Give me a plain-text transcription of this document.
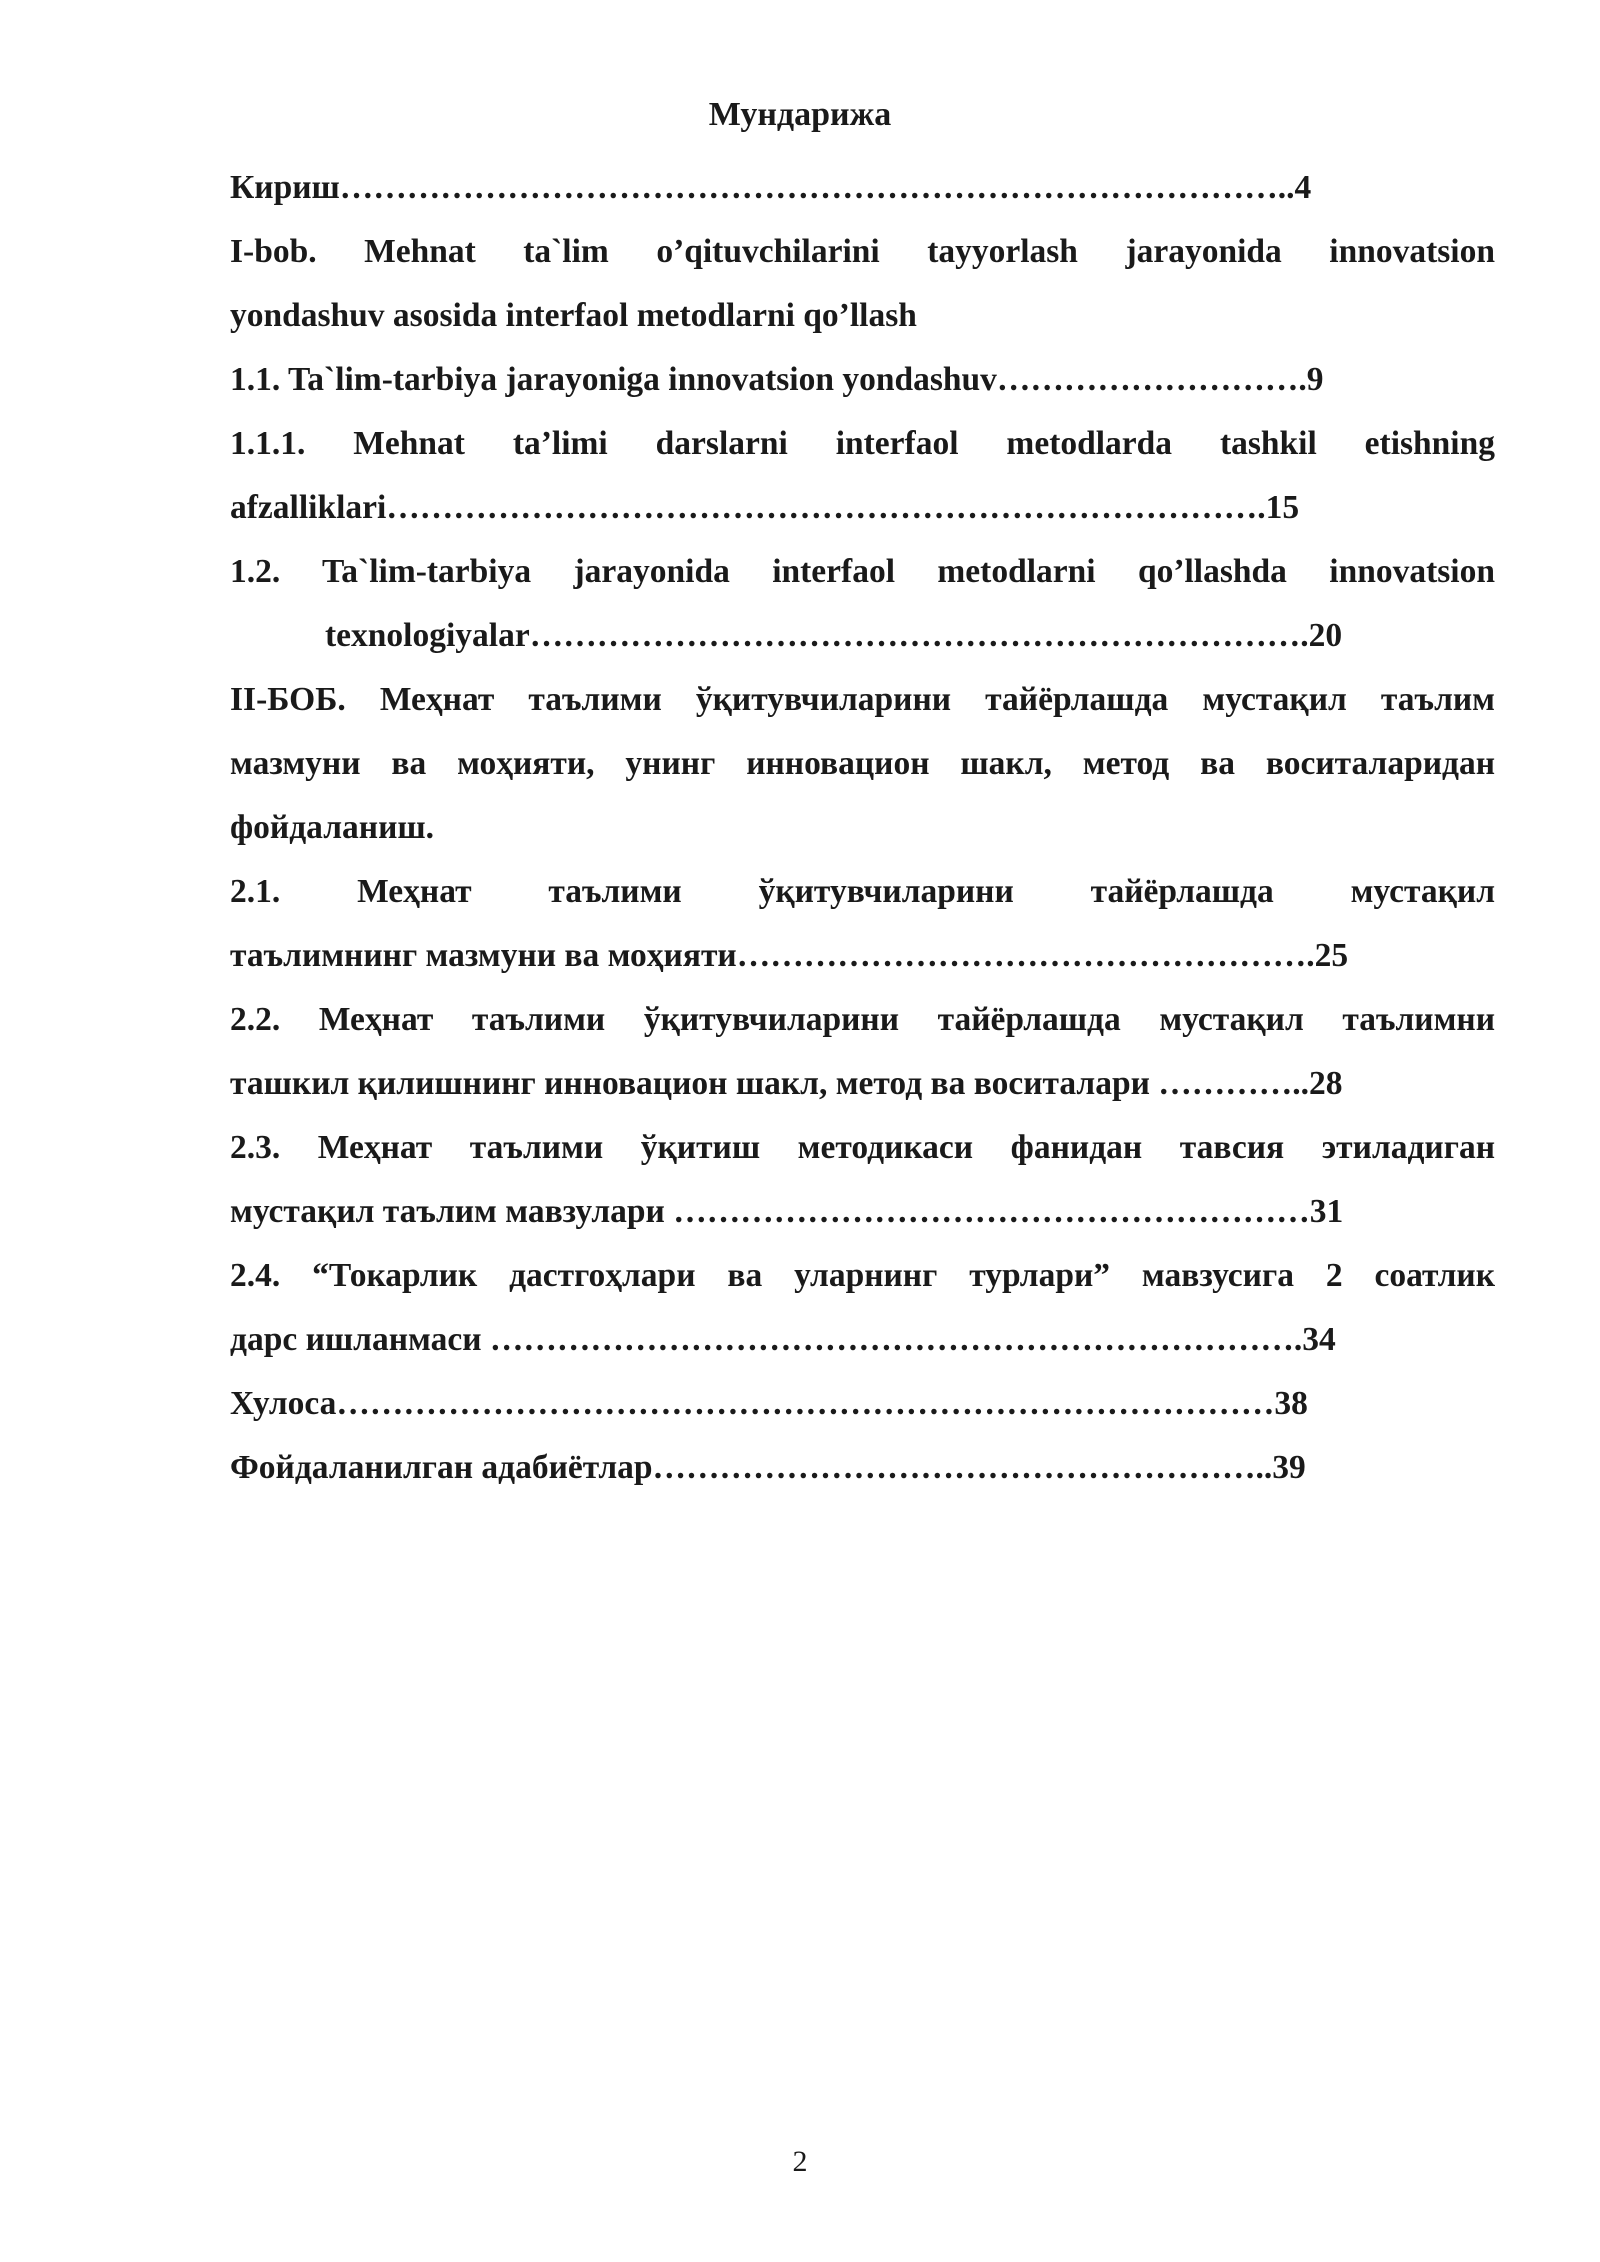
Мундарижа
Кириш…………………………………………………………………………..4
I-bob. Mehnat ta`lim o’qituvchilarini tayyorlash jarayonida innovatsion
yondashuv asosida interfaol metodlarni qo’llash
1.1. Ta`lim-tarbiya jarayoniga innovatsion yondashuv……………………….9
1.1.1. Mehnat ta’limi darslarni interfaol metodlarda tashkil etishning
afzalliklari…………………………………………………………………….15
1.2. Ta`lim-tarbiya jarayonida interfaol metodlarni qo’llashda innovatsion
texnologiyalar…………………………………………………………….20
II-БОБ. Меҳнат таълими ўқитувчиларини тайёрлашда мустақил таълим
мазмуни ва моҳияти, унинг инновацион шакл, метод ва воситаларидан
фойдаланиш.
2.1. Меҳнат таълими ўқитувчиларини тайёрлашда мустақил
таълимнинг мазмуни ва моҳияти…………………………………………….25
2.2. Меҳнат таълими ўқитувчиларини тайёрлашда мустақил таълимни
ташкил қилишнинг инновацион шакл, метод ва воситалари …………..28
2.3. Меҳнат таълими ўқитиш методикаси фанидан тавсия этиладиган
мустақил таълим мавзулари …………………………………………………31
2.4. “Токарлик дастгоҳлари ва уларнинг турлари” мавзусига 2 соатлик
дарс ишланмаси ……………………………………………………………….34
Хулоса…………………………………………………………………………38
Фойдаланилган адабиётлар………………………………………………..39
2
